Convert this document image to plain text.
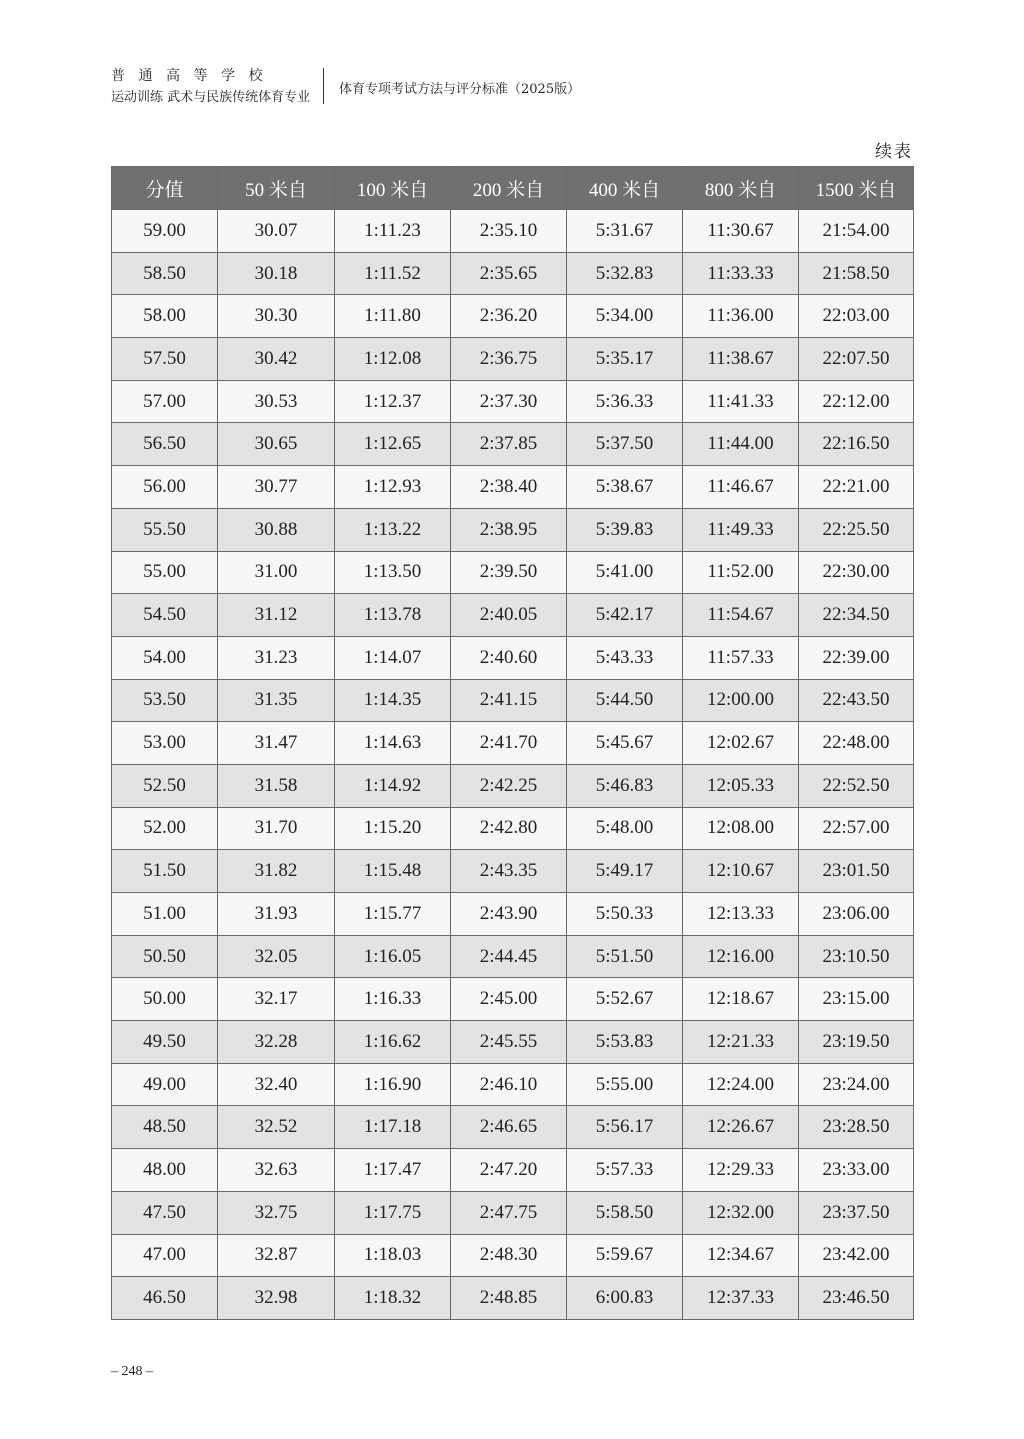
普通高等学校
运动训练 武术与民族传统体育专业
体育专项考试方法与评分标准（2025版）
续表
分值	50 米自	100 米自	200 米自	400 米自	800 米自	1500 米自
59.00	30.07	1:11.23	2:35.10	5:31.67	11:30.67	21:54.00
58.50	30.18	1:11.52	2:35.65	5:32.83	11:33.33	21:58.50
58.00	30.30	1:11.80	2:36.20	5:34.00	11:36.00	22:03.00
57.50	30.42	1:12.08	2:36.75	5:35.17	11:38.67	22:07.50
57.00	30.53	1:12.37	2:37.30	5:36.33	11:41.33	22:12.00
56.50	30.65	1:12.65	2:37.85	5:37.50	11:44.00	22:16.50
56.00	30.77	1:12.93	2:38.40	5:38.67	11:46.67	22:21.00
55.50	30.88	1:13.22	2:38.95	5:39.83	11:49.33	22:25.50
55.00	31.00	1:13.50	2:39.50	5:41.00	11:52.00	22:30.00
54.50	31.12	1:13.78	2:40.05	5:42.17	11:54.67	22:34.50
54.00	31.23	1:14.07	2:40.60	5:43.33	11:57.33	22:39.00
53.50	31.35	1:14.35	2:41.15	5:44.50	12:00.00	22:43.50
53.00	31.47	1:14.63	2:41.70	5:45.67	12:02.67	22:48.00
52.50	31.58	1:14.92	2:42.25	5:46.83	12:05.33	22:52.50
52.00	31.70	1:15.20	2:42.80	5:48.00	12:08.00	22:57.00
51.50	31.82	1:15.48	2:43.35	5:49.17	12:10.67	23:01.50
51.00	31.93	1:15.77	2:43.90	5:50.33	12:13.33	23:06.00
50.50	32.05	1:16.05	2:44.45	5:51.50	12:16.00	23:10.50
50.00	32.17	1:16.33	2:45.00	5:52.67	12:18.67	23:15.00
49.50	32.28	1:16.62	2:45.55	5:53.83	12:21.33	23:19.50
49.00	32.40	1:16.90	2:46.10	5:55.00	12:24.00	23:24.00
48.50	32.52	1:17.18	2:46.65	5:56.17	12:26.67	23:28.50
48.00	32.63	1:17.47	2:47.20	5:57.33	12:29.33	23:33.00
47.50	32.75	1:17.75	2:47.75	5:58.50	12:32.00	23:37.50
47.00	32.87	1:18.03	2:48.30	5:59.67	12:34.67	23:42.00
46.50	32.98	1:18.32	2:48.85	6:00.83	12:37.33	23:46.50
– 248 –
